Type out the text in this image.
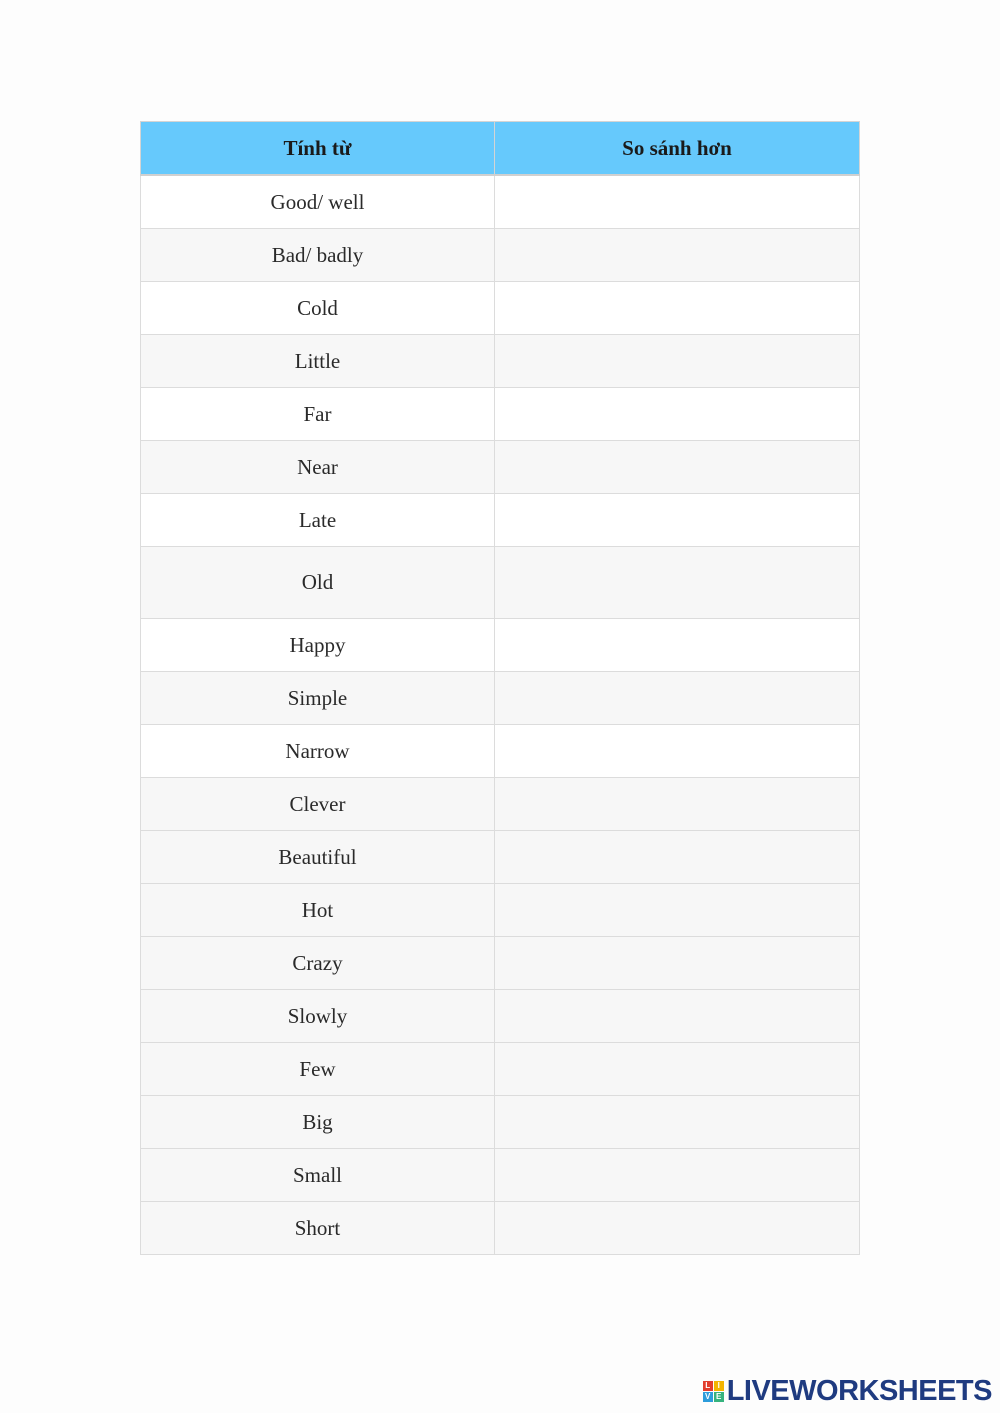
Tính từ	So sánh hơn
Good/ well	
Bad/ badly	
Cold	
Little	
Far	
Near	
Late	
Old	
Happy	
Simple	
Narrow	
Clever	
Beautiful	
Hot	
Crazy	
Slowly	
Few	
Big	
Small	
Short	
L I
V E LIVEWORKSHEETS
